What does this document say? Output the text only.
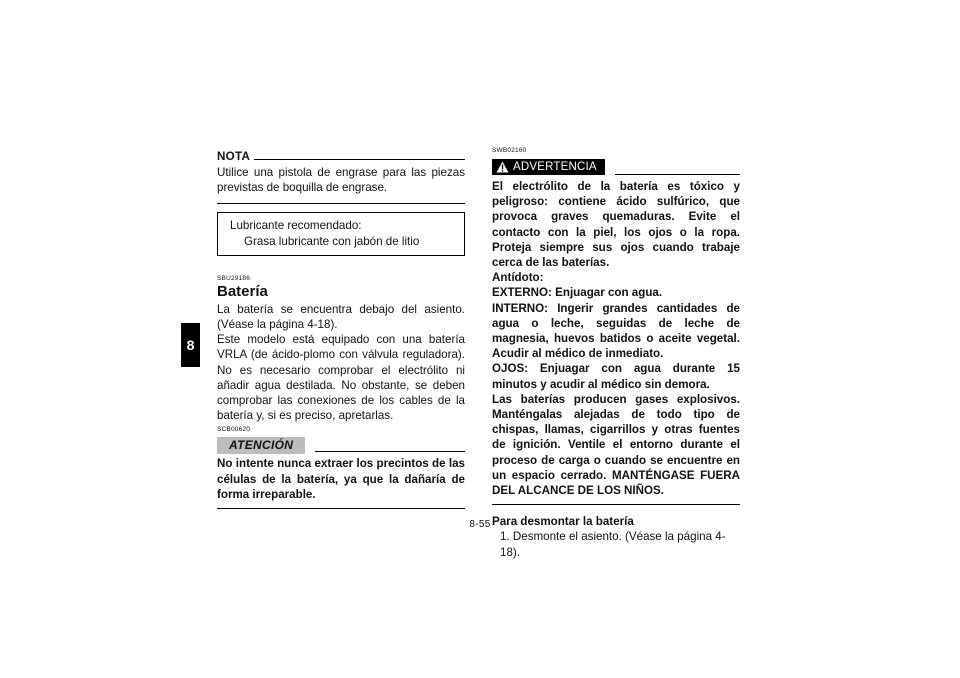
8
NOTA

Utilice una pistola de engrase para las piezas previstas de boquilla de engrase.

Lubricante recomendado:
Grasa lubricante con jabón de litio

SBU29186

Batería

La batería se encuentra debajo del asiento. (Véase la página 4-18).

Este modelo está equipado con una batería VRLA (de ácido-plomo con válvula reguladora). No es necesario comprobar el electrólito ni añadir agua destilada. No obstante, se deben comprobar las conexiones de los cables de la batería y, si es preciso, apretarlas.

SCB00620

ATENCIÓN

No intente nunca extraer los precintos de las células de la batería, ya que la dañaría de forma irreparable.

SWB02160

ADVERTENCIA

El electrólito de la batería es tóxico y peligroso: contiene ácido sulfúrico, que provoca graves quemaduras. Evite el contacto con la piel, los ojos o la ropa. Proteja siempre sus ojos cuando trabaje cerca de las baterías.

Antídoto:

EXTERNO: Enjuagar con agua.

INTERNO: Ingerir grandes cantidades de agua o leche, seguidas de leche de magnesia, huevos batidos o aceite vegetal. Acudir al médico de inmediato.

OJOS: Enjuagar con agua durante 15 minutos y acudir al médico sin demora.

Las baterías producen gases explosivos. Manténgalas alejadas de todo tipo de chispas, llamas, cigarrillos y otras fuentes de ignición. Ventile el entorno durante el proceso de carga o cuando se encuentre en un espacio cerrado. MANTÉNGASE FUERA DEL ALCANCE DE LOS NIÑOS.

Para desmontar la batería

1. Desmonte el asiento. (Véase la página 4-18).

8-55
